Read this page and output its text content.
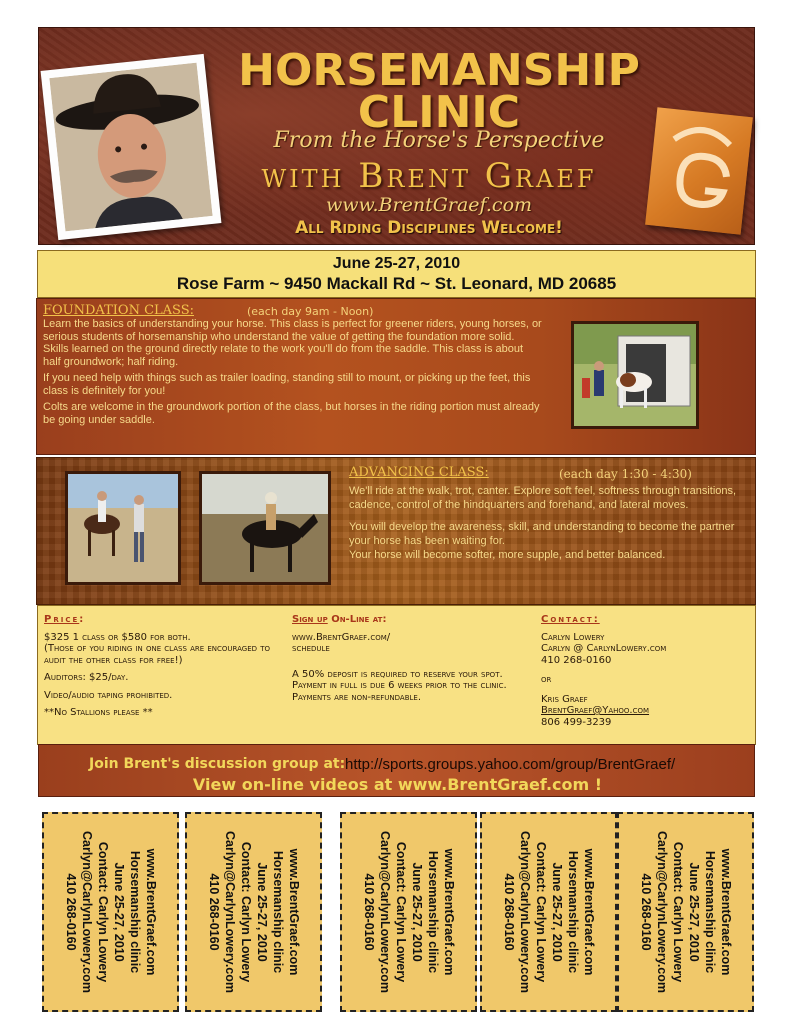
HORSEMANSHIP
CLINIC
From the Horse's Perspective
with Brent Graef
www.BrentGraef.com
All Riding Disciplines Welcome!
June 25-27, 2010
Rose Farm ~ 9450 Mackall Rd ~ St. Leonard, MD 20685
FOUNDATION CLASS:	(each day 9am - Noon)

Learn the basics of understanding your horse. This class is perfect for greener riders, young horses, or serious students of horsemanship who understand the value of getting the foundation more solid. Skills learned on the ground directly relate to the work you'll do from the saddle. This class is about half groundwork; half riding.

If you need help with things such as trailer loading, standing still to mount, or picking up the feet, this class is definitely for you!

Colts are welcome in the groundwork portion of the class, but horses in the riding portion must already be going under saddle.

ADVANCING CLASS:	(each day 1:30 - 4:30)

We'll ride at the walk, trot, canter. Explore soft feel, softness through transitions, cadence, control of the hindquarters and forehand, and lateral moves.

You will develop the awareness, skill, and understanding to become the partner your horse has been waiting for.

Your horse will become softer, more supple, and better balanced.

Price:

$325 1 class or $580 for both.

(Those of you riding in one class are encouraged to audit the other class for free!)

Auditors: $25/day.

Video/audio taping prohibited.

**No Stallions please **

Sign up On-Line at:

www.BrentGraef.com/
schedule

A 50% deposit is required to reserve your spot. Payment in full is due 6 weeks prior to the clinic. Payments are non-refundable.

Contact:

Carlyn Lowery

Carlyn @ CarlynLowery.com
410 268-0160

or

Kris Graef

BrentGraef@Yahoo.com
806 499-3239
Join Brent's discussion group at: http://sports.groups.yahoo.com/group/BrentGraef/
View on-line videos at www.BrentGraef.com !
www.BrentGraef.com
Horsemanship clinic
June 25-27, 2010
Contact: Carlyn Lowery
Carlyn@CarlynLowery.com
410 268-0160	www.BrentGraef.com
Horsemanship clinic
June 25-27, 2010
Contact: Carlyn Lowery
Carlyn@CarlynLowery.com
410 268-0160	www.BrentGraef.com
Horsemanship clinic
June 25-27, 2010
Contact: Carlyn Lowery
Carlyn@CarlynLowery.com
410 268-0160	www.BrentGraef.com
Horsemanship clinic
June 25-27, 2010
Contact: Carlyn Lowery
Carlyn@CarlynLowery.com
410 268-0160	www.BrentGraef.com
Horsemanship clinic
June 25-27, 2010
Contact: Carlyn Lowery
Carlyn@CarlynLowery.com
410 268-0160
